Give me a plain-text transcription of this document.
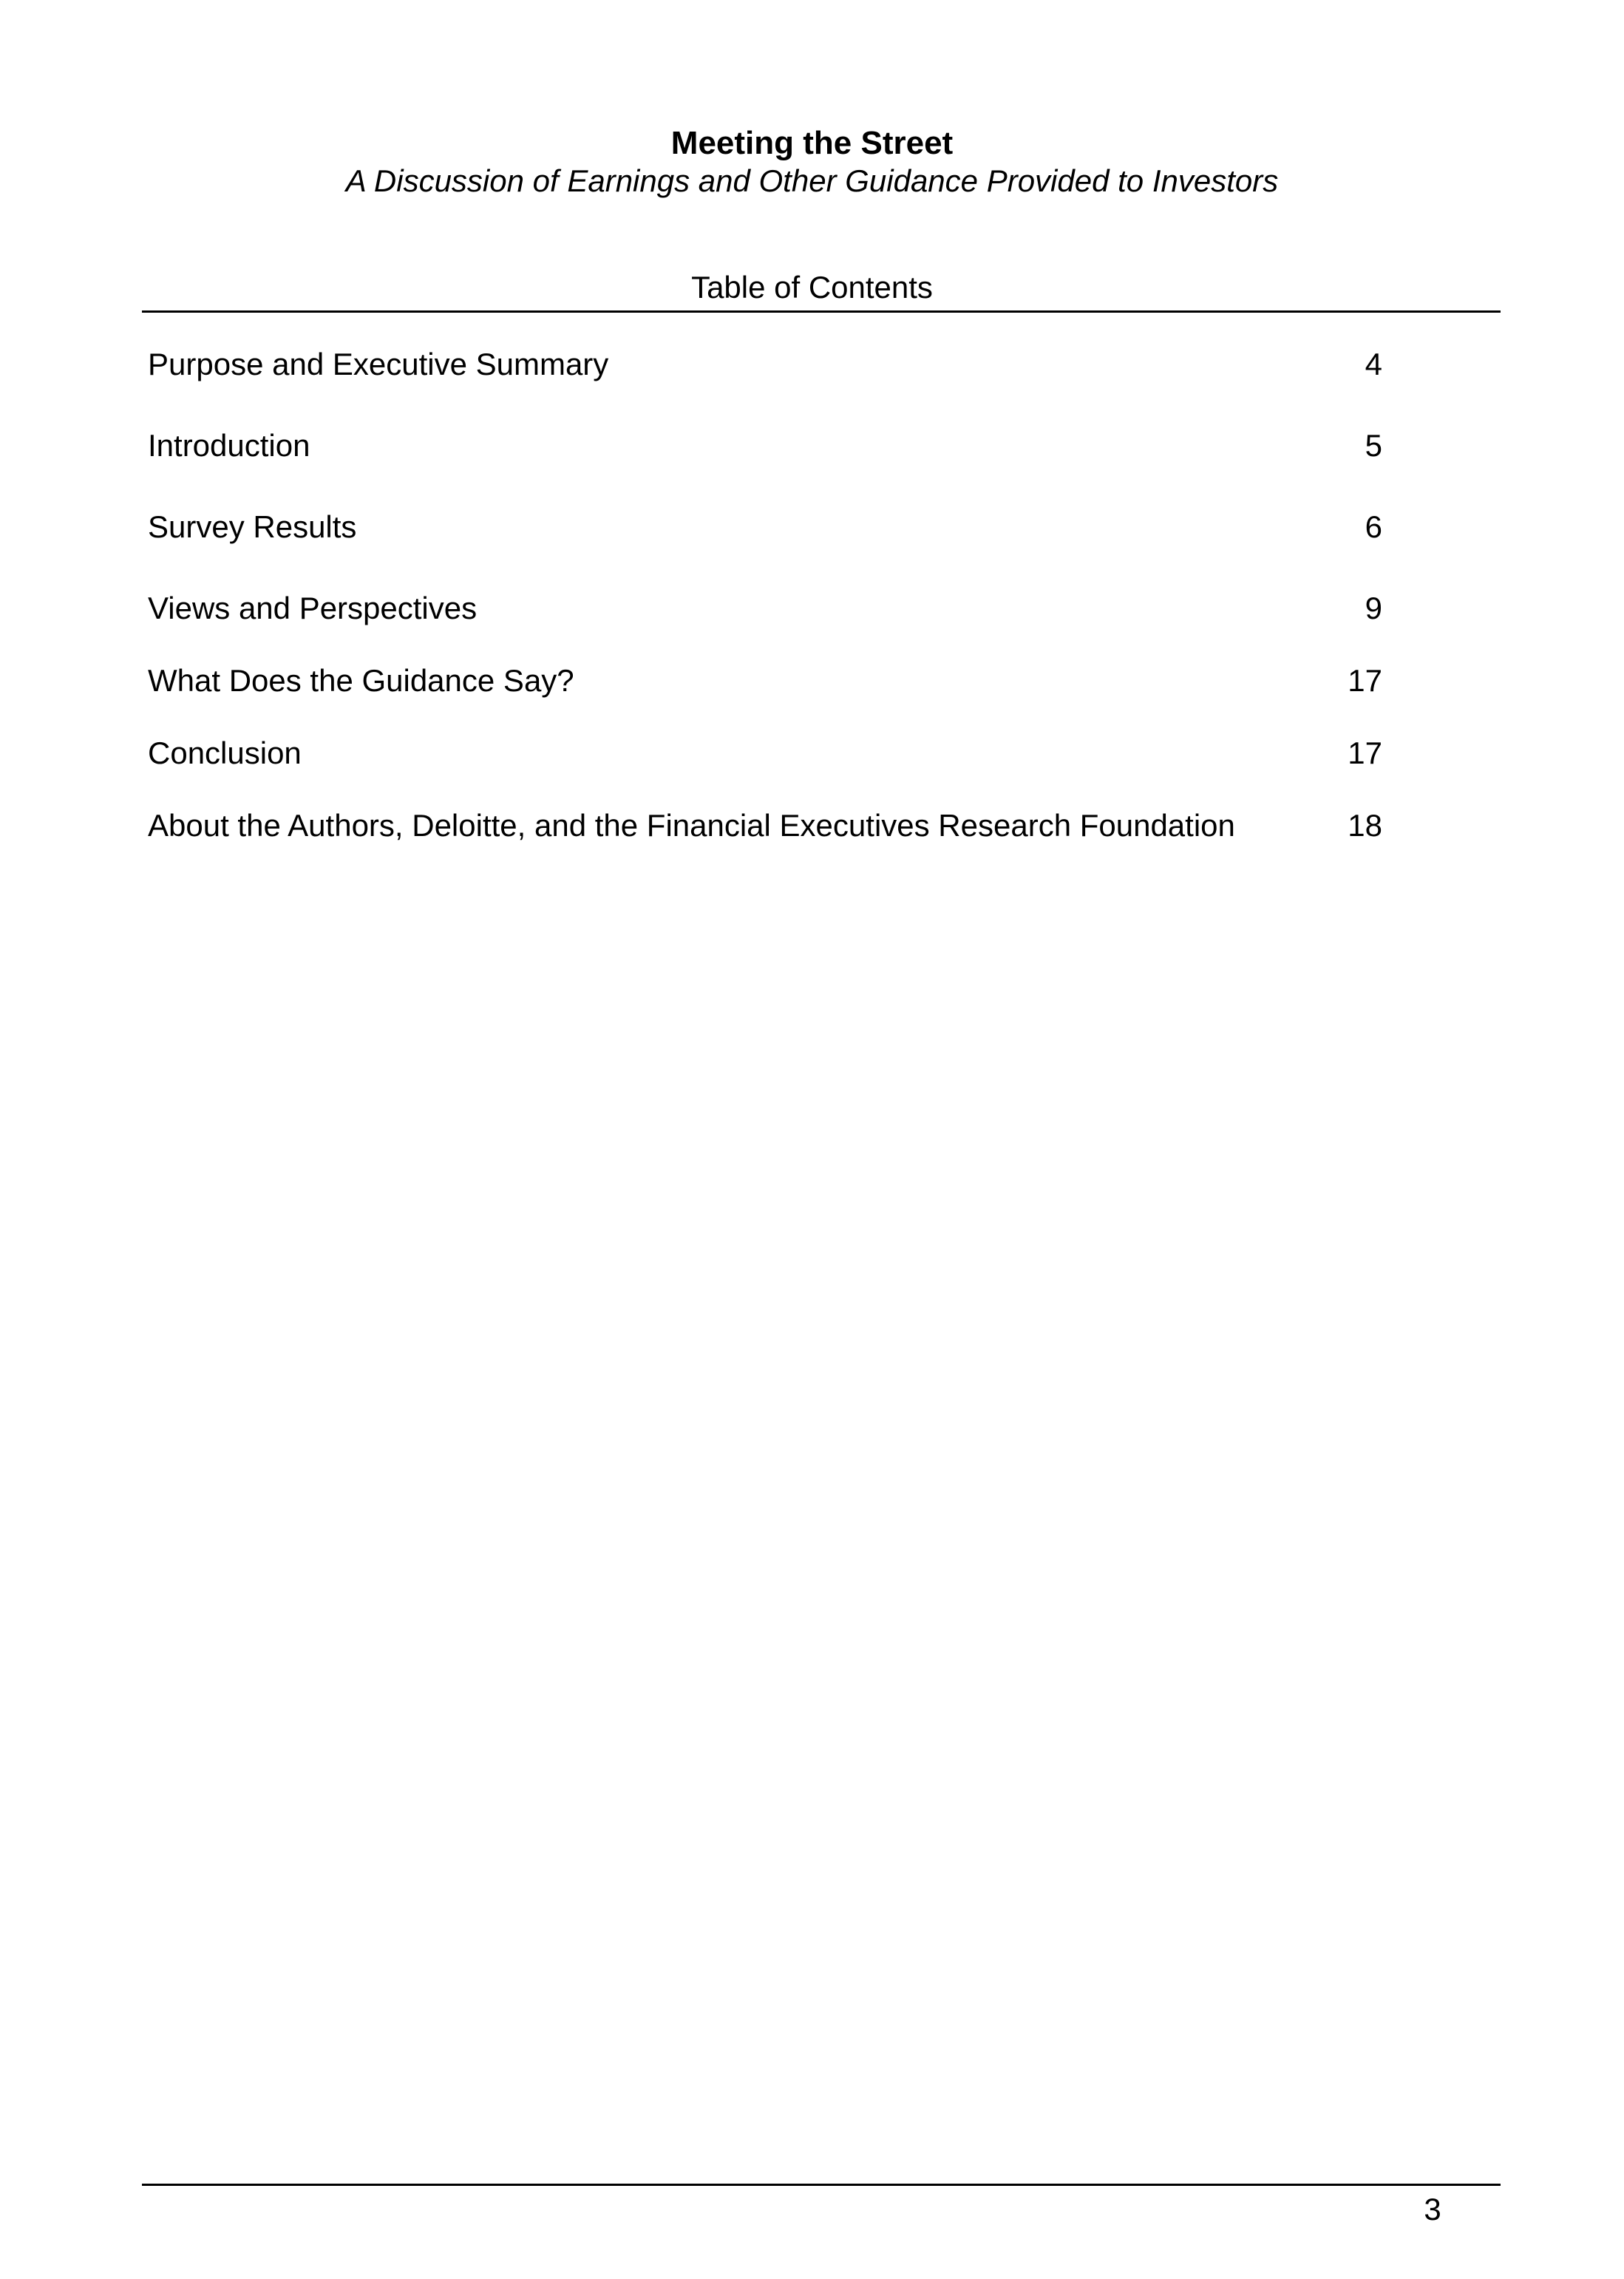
Meeting the Street
A Discussion of Earnings and Other Guidance Provided to Investors
Table of Contents
Purpose and Executive Summary	4
Introduction	5
Survey Results	6
Views and Perspectives	9
What Does the Guidance Say?	17
Conclusion	17
About the Authors, Deloitte, and the Financial Executives Research Foundation	18
3
